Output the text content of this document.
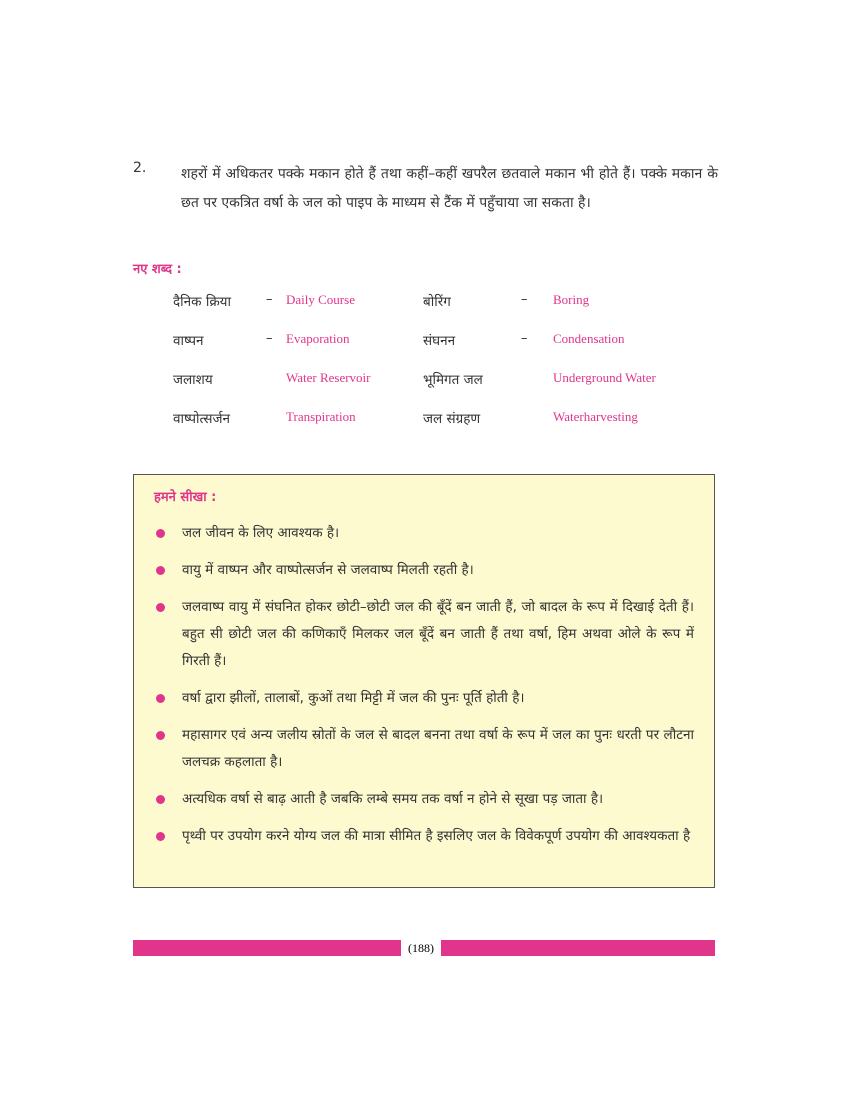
2. शहरों में अधिकतर पक्के मकान होते हैं तथा कहीं–कहीं खपरैल छतवाले मकान भी होते हैं। पक्के मकान के छत पर एकत्रित वर्षा के जल को पाइप के माध्यम से टैंक में पहुँचाया जा सकता है।

नए शब्द :
दैनिक क्रिया	– Daily Course	बोरिंग	– Boring
वाष्पन	– Evaporation	संघनन	– Condensation
जलाशय	Water Reservoir	भूमिगत जल	Underground Water
वाष्पोत्सर्जन	Transpiration	जल संग्रहण	Waterharvesting
हमने सीखा :
जल जीवन के लिए आवश्यक है।
वायु में वाष्पन और वाष्पोत्सर्जन से जलवाष्प मिलती रहती है।
जलवाष्प वायु में संघनित होकर छोटी–छोटी जल की बूँदें बन जाती हैं, जो बादल के रूप में दिखाई देती हैं। बहुत सी छोटी जल की कणिकाएँ मिलकर जल बूँदें बन जाती हैं तथा वर्षा, हिम अथवा ओले के रूप में गिरती हैं।
वर्षा द्वारा झीलों, तालाबों, कुओं तथा मिट्टी में जल की पुनः पूर्ति होती है।
महासागर एवं अन्य जलीय स्रोतों के जल से बादल बनना तथा वर्षा के रूप में जल का पुनः धरती पर लौटना जलचक्र कहलाता है।
अत्यधिक वर्षा से बाढ़ आती है जबकि लम्बे समय तक वर्षा न होने से सूखा पड़ जाता है।
पृथ्वी पर उपयोग करने योग्य जल की मात्रा सीमित है इसलिए जल के विवेकपूर्ण उपयोग की आवश्यकता है
(188)
